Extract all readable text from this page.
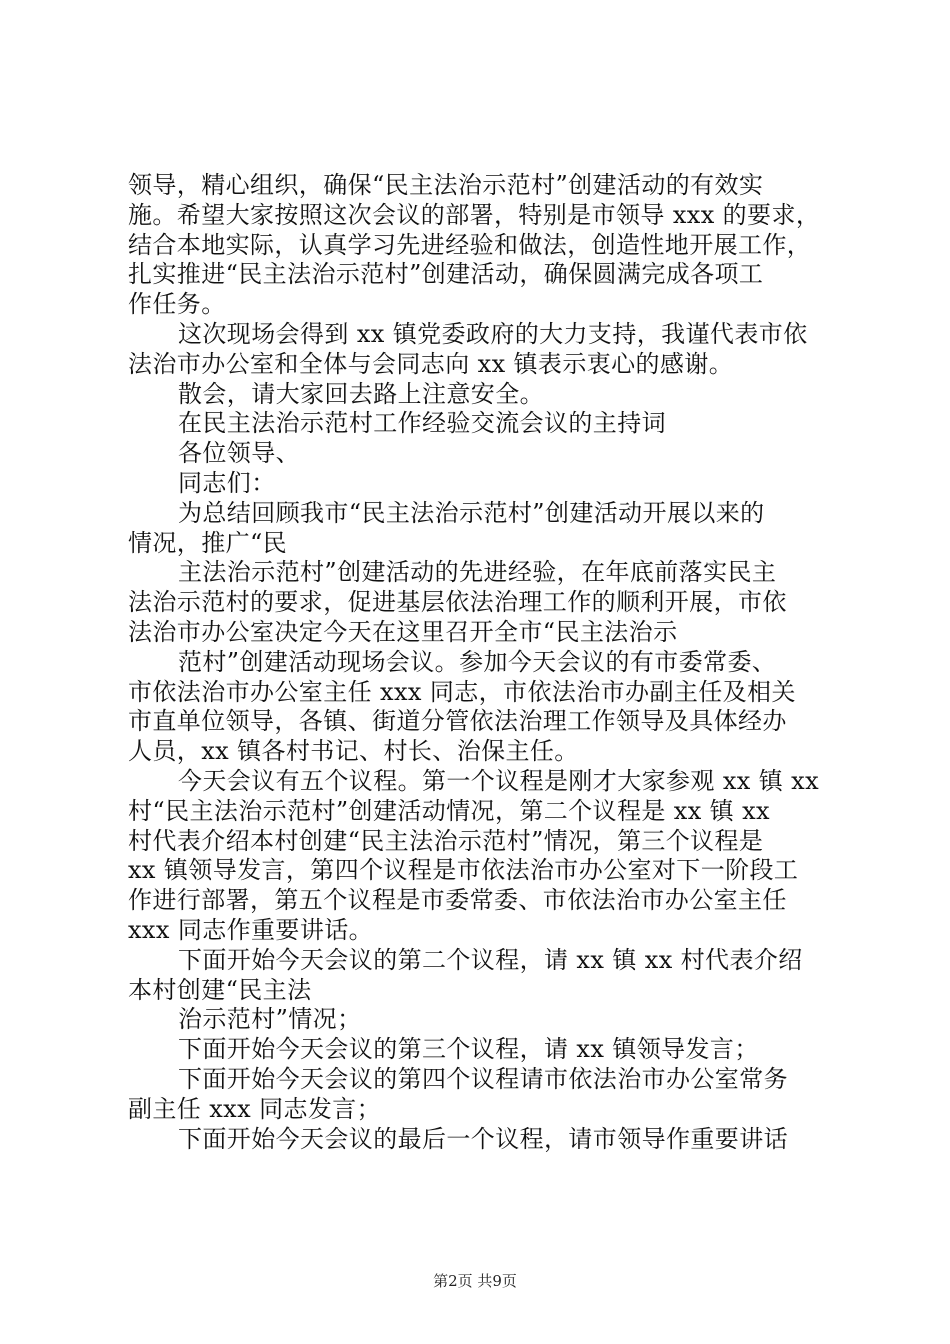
领导，精心组织，确保“民主法治示范村”创建活动的有效实
施。希望大家按照这次会议的部署，特别是市领导 xxx 的要求，
结合本地实际，认真学习先进经验和做法，创造性地开展工作，
扎实推进“民主法治示范村”创建活动，确保圆满完成各项工
作任务。
这次现场会得到 xx 镇党委政府的大力支持，我谨代表市依
法治市办公室和全体与会同志向 xx 镇表示衷心的感谢。
散会，请大家回去路上注意安全。
在民主法治示范村工作经验交流会议的主持词
各位领导、
同志们：
为总结回顾我市“民主法治示范村”创建活动开展以来的
情况，推广“民
主法治示范村”创建活动的先进经验，在年底前落实民主
法治示范村的要求，促进基层依法治理工作的顺利开展，市依
法治市办公室决定今天在这里召开全市“民主法治示
范村”创建活动现场会议。参加今天会议的有市委常委、
市依法治市办公室主任 xxx 同志，市依法治市办副主任及相关
市直单位领导，各镇、街道分管依法治理工作领导及具体经办
人员，xx 镇各村书记、村长、治保主任。
今天会议有五个议程。第一个议程是刚才大家参观 xx 镇 xx
村“民主法治示范村”创建活动情况，第二个议程是 xx 镇 xx
村代表介绍本村创建“民主法治示范村”情况，第三个议程是
xx 镇领导发言，第四个议程是市依法治市办公室对下一阶段工
作进行部署，第五个议程是市委常委、市依法治市办公室主任
xxx 同志作重要讲话。
下面开始今天会议的第二个议程，请 xx 镇 xx 村代表介绍
本村创建“民主法
治示范村”情况；
下面开始今天会议的第三个议程，请 xx 镇领导发言；
下面开始今天会议的第四个议程请市依法治市办公室常务
副主任 xxx 同志发言；
下面开始今天会议的最后一个议程，请市领导作重要讲话
第2页 共9页
